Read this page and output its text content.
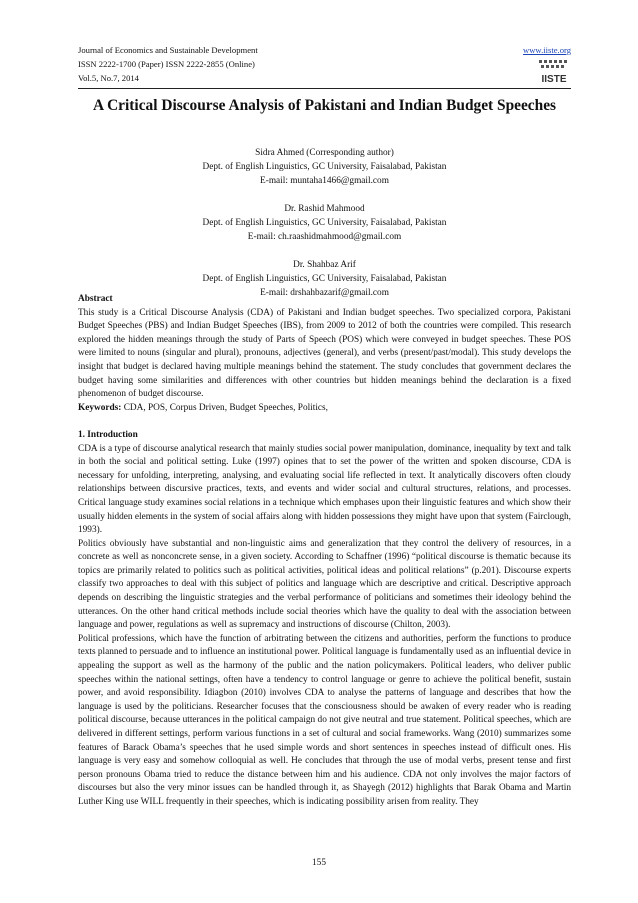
Journal of Economics and Sustainable Development
ISSN 2222-1700 (Paper) ISSN 2222-2855 (Online)
Vol.5, No.7, 2014
www.iiste.org
IISTE
A Critical Discourse Analysis of Pakistani and Indian Budget Speeches
Sidra Ahmed (Corresponding author)
Dept. of English Linguistics, GC University, Faisalabad, Pakistan
E-mail: muntaha1466@gmail.com
Dr. Rashid Mahmood
Dept. of English Linguistics, GC University, Faisalabad, Pakistan
E-mail: ch.raashidmahmood@gmail.com
Dr. Shahbaz Arif
Dept. of English Linguistics, GC University, Faisalabad, Pakistan
E-mail: drshahbazarif@gmail.com
Abstract

This study is a Critical Discourse Analysis (CDA) of Pakistani and Indian budget speeches. Two specialized corpora, Pakistani Budget Speeches (PBS) and Indian Budget Speeches (IBS), from 2009 to 2012 of both the countries were compiled. This research explored the hidden meanings through the study of Parts of Speech (POS) which were conveyed in budget speeches. These POS were limited to nouns (singular and plural), pronouns, adjectives (general), and verbs (present/past/modal). This study develops the insight that budget is declared having multiple meanings behind the statement. The study concludes that government declares the budget having some similarities and differences with other countries but hidden meanings behind the declaration is a fixed phenomenon of budget discourse.

Keywords: CDA, POS, Corpus Driven, Budget Speeches, Politics,

1. Introduction

CDA is a type of discourse analytical research that mainly studies social power manipulation, dominance, inequality by text and talk in both the social and political setting. Luke (1997) opines that to set the power of the written and spoken discourse, CDA is necessary for unfolding, interpreting, analysing, and evaluating social life reflected in text. It analytically discovers often cloudy relationships between discursive practices, texts, and events and wider social and cultural structures, relations, and processes. Critical language study examines social relations in a technique which emphases upon their linguistic features and which show their usually hidden elements in the system of social affairs along with hidden possessions they might have upon that system (Fairclough, 1993).

Politics obviously have substantial and non-linguistic aims and generalization that they control the delivery of resources, in a concrete as well as nonconcrete sense, in a given society. According to Schaffner (1996) “political discourse is thematic because its topics are primarily related to politics such as political activities, political ideas and political relations” (p.201). Discourse experts classify two approaches to deal with this subject of politics and language which are descriptive and critical. Descriptive approach depends on describing the linguistic strategies and the verbal performance of politicians and sometimes their ideology behind the utterances. On the other hand critical methods include social theories which have the quality to deal with the association between language and power, regulations as well as supremacy and instructions of discourse (Chilton, 2003).

Political professions, which have the function of arbitrating between the citizens and authorities, perform the functions to produce texts planned to persuade and to influence an institutional power. Political language is fundamentally used as an influential device in appealing the support as well as the harmony of the public and the nation policymakers. Political leaders, who deliver public speeches within the national settings, often have a tendency to control language or genre to achieve the political benefit, sustain power, and avoid responsibility. Idiagbon (2010) involves CDA to analyse the patterns of language and describes that how the language is used by the politicians. Researcher focuses that the consciousness should be awaken of every reader who is reading political discourse, because utterances in the political campaign do not give neutral and true statement. Political speeches, which are delivered in different settings, perform various functions in a set of cultural and social frameworks. Wang (2010) summarizes some features of Barack Obama’s speeches that he used simple words and short sentences in speeches instead of difficult ones. His language is very easy and somehow colloquial as well. He concludes that through the use of modal verbs, present tense and first person pronouns Obama tried to reduce the distance between him and his audience. CDA not only involves the major factors of discourses but also the very minor issues can be handled through it, as Shayegh (2012) highlights that Barak Obama and Martin Luther King use WILL frequently in their speeches, which is indicating possibility arisen from reality. They

155
